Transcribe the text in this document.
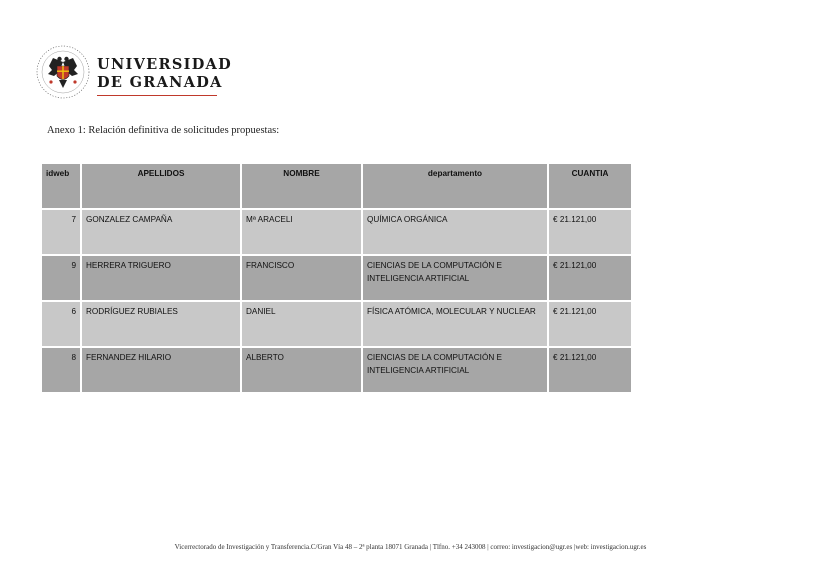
UNIVERSIDAD
DE GRANADA
Anexo 1: Relación definitiva de solicitudes propuestas:
idweb	APELLIDOS	NOMBRE	departamento	CUANTIA
7	GONZALEZ CAMPAÑA	Mª ARACELI	QUÍMICA ORGÁNICA	€ 21.121,00
9	HERRERA TRIGUERO	FRANCISCO	CIENCIAS DE LA COMPUTACIÓN E INTELIGENCIA ARTIFICIAL	€ 21.121,00
6	RODRÍGUEZ RUBIALES	DANIEL	FÍSICA ATÓMICA, MOLECULAR Y NUCLEAR	€ 21.121,00
8	FERNANDEZ HILARIO	ALBERTO	CIENCIAS DE LA COMPUTACIÓN E INTELIGENCIA ARTIFICIAL	€ 21.121,00
Vicerrectorado de Investigación y Transferencia.C/Gran Vía 48 – 2ª planta 18071 Granada | Tlfno. +34 243008 | correo: investigacion@ugr.es |web: investigacion.ugr.es
